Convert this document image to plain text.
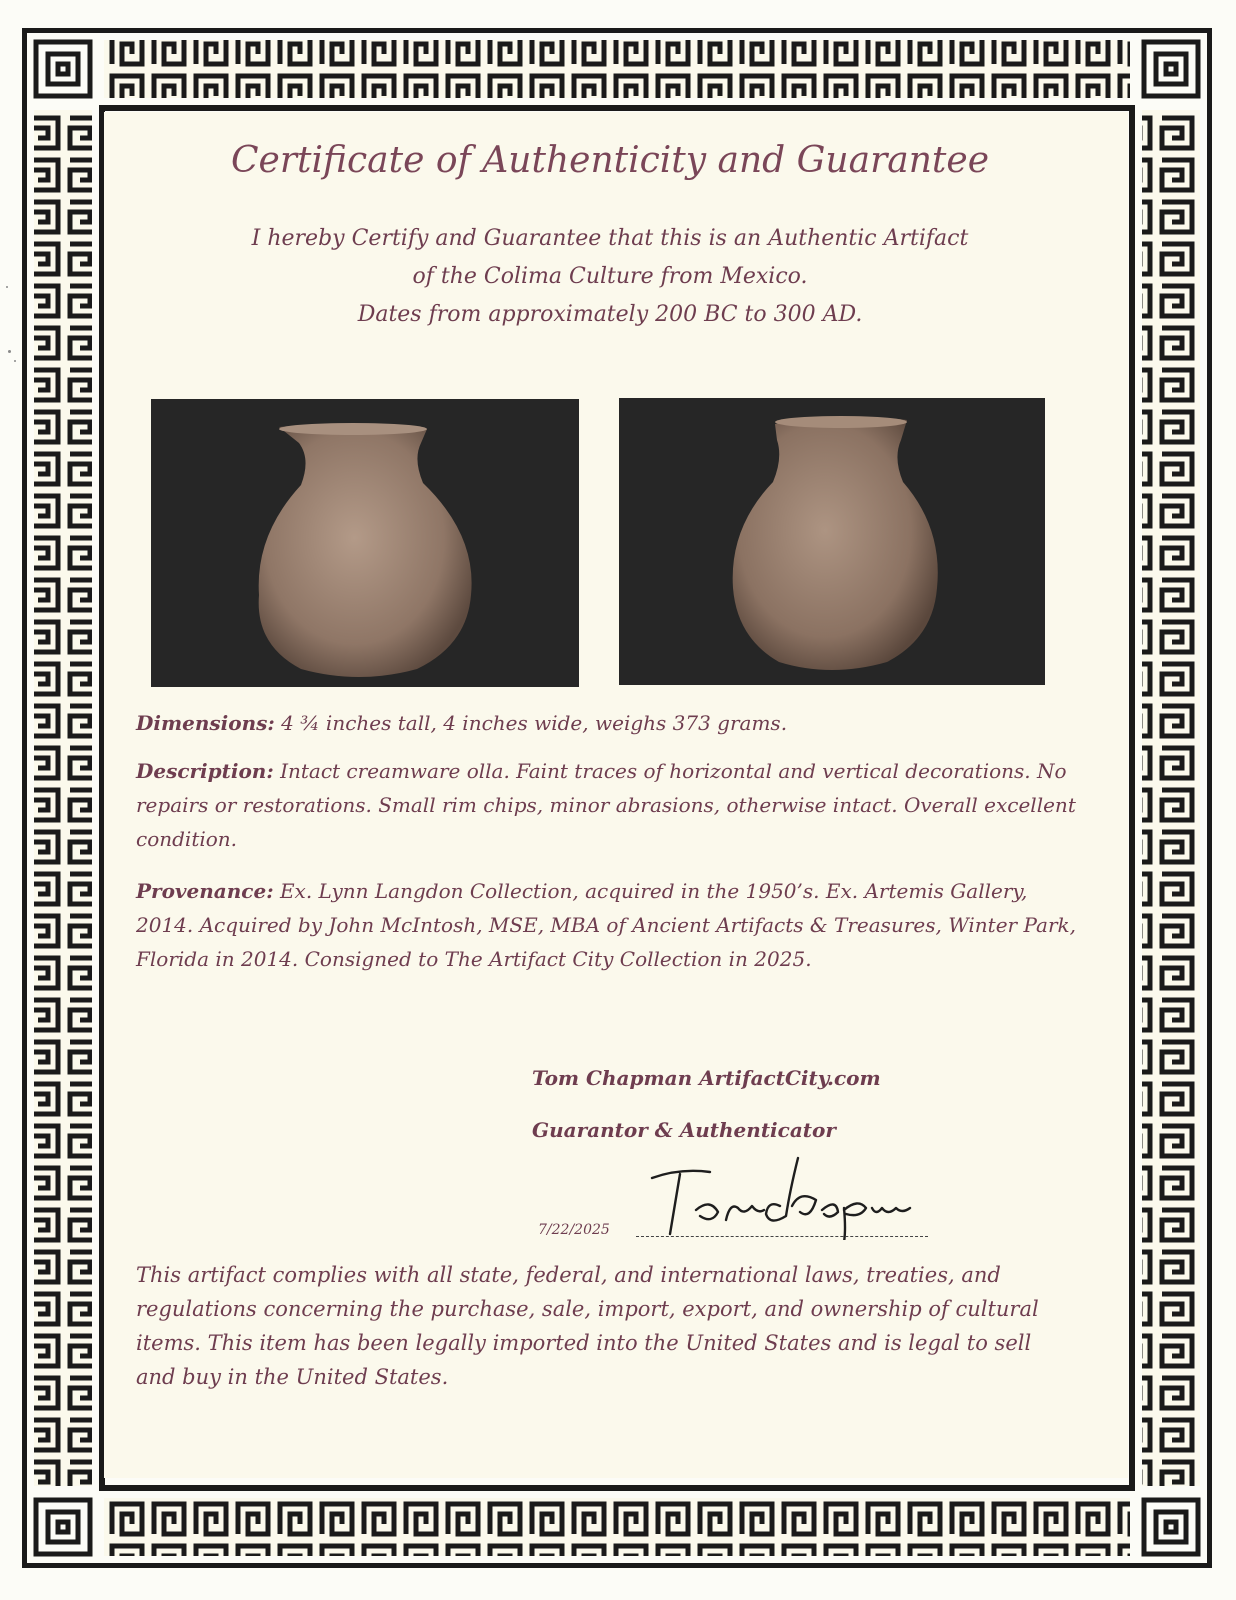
Certificate of Authenticity and Guarantee
I hereby Certify and Guarantee that this is an Authentic Artifact
of the Colima Culture from Mexico.
Dates from approximately 200 BC to 300 AD.
Dimensions: 4 ¾ inches tall, 4 inches wide, weighs 373 grams.
Description: Intact creamware olla. Faint traces of horizontal and vertical decorations. No repairs or restorations. Small rim chips, minor abrasions, otherwise intact. Overall excellent condition.
Provenance: Ex. Lynn Langdon Collection, acquired in the 1950’s. Ex. Artemis Gallery, 2014. Acquired by John McIntosh, MSE, MBA of Ancient Artifacts & Treasures, Winter Park, Florida in 2014. Consigned to The Artifact City Collection in 2025.
Tom Chapman ArtifactCity.com
Guarantor & Authenticator
7/22/2025
This artifact complies with all state, federal, and international laws, treaties, and regulations concerning the purchase, sale, import, export, and ownership of cultural items. This item has been legally imported into the United States and is legal to sell and buy in the United States.
